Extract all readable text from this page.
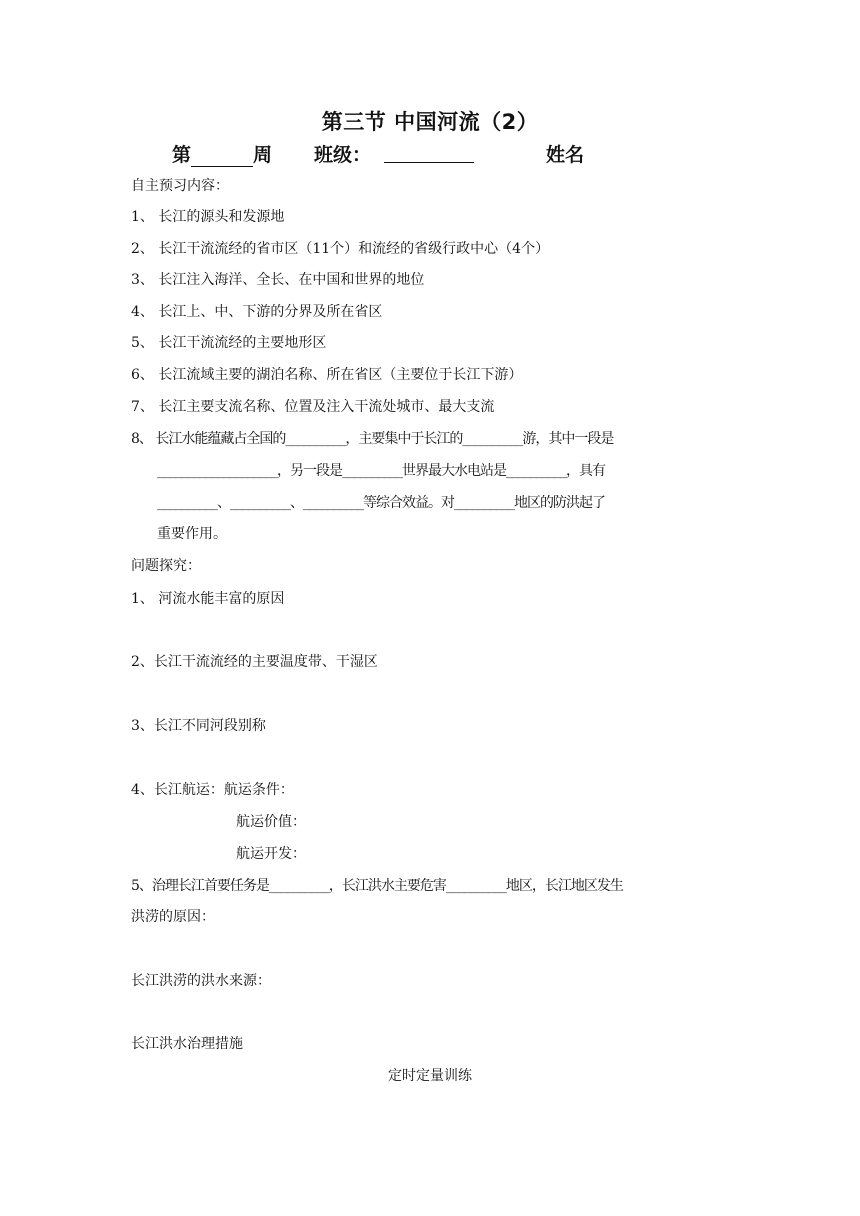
第三节 中国河流（2）
第	周 班级：	姓名
自主预习内容：
1、 长江的源头和发源地
2、 长江干流流经的省市区（11个）和流经的省级行政中心（4个）
3、 长江注入海洋、全长、在中国和世界的地位
4、 长江上、中、下游的分界及所在省区
5、 长江干流流经的主要地形区
6、 长江流域主要的湖泊名称、所在省区（主要位于长江下游）
7、 长江主要支流名称、位置及注入干流处城市、最大支流
8、 长江水能蕴藏占全国的__________，主要集中于长江的__________游，其中一段是
____________________，另一段是__________世界最大水电站是__________，具有
__________、__________、__________等综合效益。对__________地区的防洪起了
重要作用。
问题探究：
1、 河流水能丰富的原因
2、长江干流流经的主要温度带、干湿区
3、长江不同河段别称
4、长江航运：航运条件：
航运价值：
航运开发：
5、治理长江首要任务是__________，长江洪水主要危害__________地区，长江地区发生
洪涝的原因：
长江洪涝的洪水来源：
长江洪水治理措施
定时定量训练
